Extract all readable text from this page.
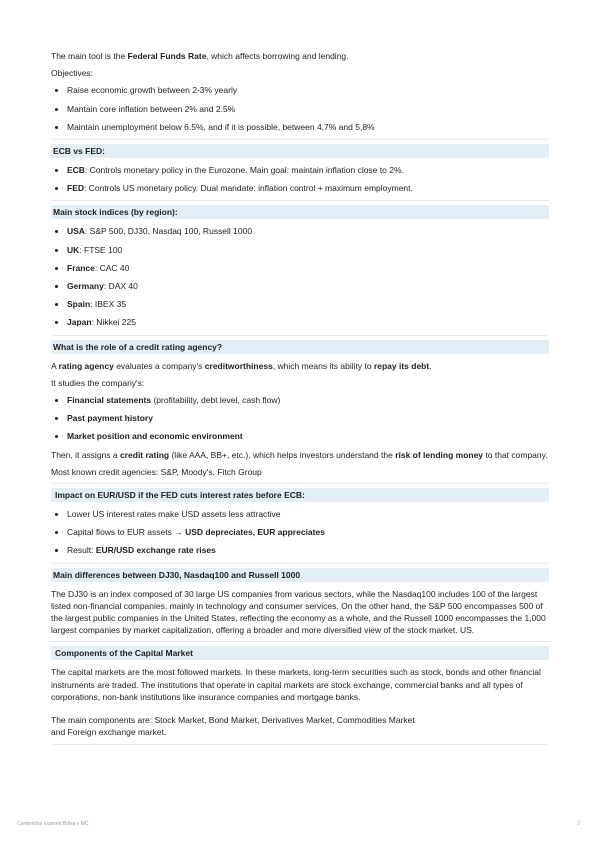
The main tool is the Federal Funds Rate, which affects borrowing and lending.

Objectives:

• Raise economic growth between 2-3% yearly
• Mantain core inflation between 2% and 2.5%
• Maintain unemployment below 6.5%, and if it is possible, between 4,7% and 5,8%
ECB vs FED:
• ECB: Controls monetary policy in the Eurozone. Main goal: maintain inflation close to 2%.
• FED: Controls US monetary policy. Dual mandate: inflation control + maximum employment.
Main stock indices (by region):
• USA: S&P 500, DJ30, Nasdaq 100, Russell 1000
• UK: FTSE 100
• France: CAC 40
• Germany: DAX 40
• Spain: IBEX 35
• Japan: Nikkei 225
What is the role of a credit rating agency?

A rating agency evaluates a company's creditworthiness, which means its ability to repay its debt.

It studies the company's:

• Financial statements (profitability, debt level, cash flow)
• Past payment history
• Market position and economic environment

Then, it assigns a credit rating (like AAA, BB+, etc.), which helps investors understand the risk of lending money to that company.

Most known credit agencies: S&P, Moody's, Fitch Group

Impact on EUR/USD if the FED cuts interest rates before ECB:
• Lower US interest rates make USD assets less attractive
• Capital flows to EUR assets → USD depreciates, EUR appreciates
• Result: EUR/USD exchange rate rises
Main differences between DJ30, Nasdaq100 and Russell 1000

The DJ30 is an index composed of 30 large US companies from various sectors, while the Nasdaq100 includes 100 of the largest listed non-financial companies, mainly in technology and consumer services. On the other hand, the S&P 500 encompasses 500 of the largest public companies in the United States, reflecting the economy as a whole, and the Russell 1000 encompasses the 1,000 largest companies by market capitalization, offering a broader and more diversified view of the stock market. US.

Components of the Capital Market

The capital markets are the most followed markets. In these markets, long-term securities such as stock, bonds and other financial instruments are traded. The institutions that operate in capital markets are stock exchange, commercial banks and all types of corporations, non-bank institutions like insurance companies and mortgage banks.

The main components are: Stock Market, Bond Market, Derivatives Market, Commodities Market
and Foreign exchange market.

Contenidos examen Bolsa y MC	2
